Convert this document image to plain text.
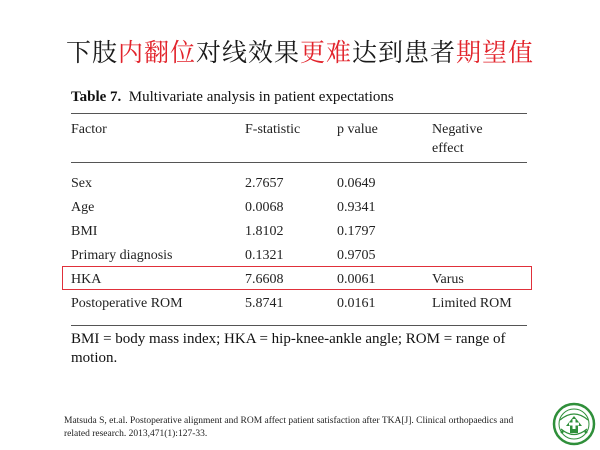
下肢内翻位对线效果更难达到患者期望值
Table 7. Multivariate analysis in patient expectations
Factor	F-statistic	p value	Negative effect
Sex	2.7657	0.0649
Age	0.0068	0.9341
BMI	1.8102	0.1797
Primary diagnosis	0.1321	0.9705
HKA	7.6608	0.0061	Varus
Postoperative ROM	5.8741	0.0161	Limited ROM
BMI = body mass index; HKA = hip-knee-ankle angle; ROM = range of motion.
Matsuda S, et.al. Postoperative alignment and ROM affect patient satisfaction after TKA[J]. Clinical orthopaedics and related research. 2013,471(1):127-33.
